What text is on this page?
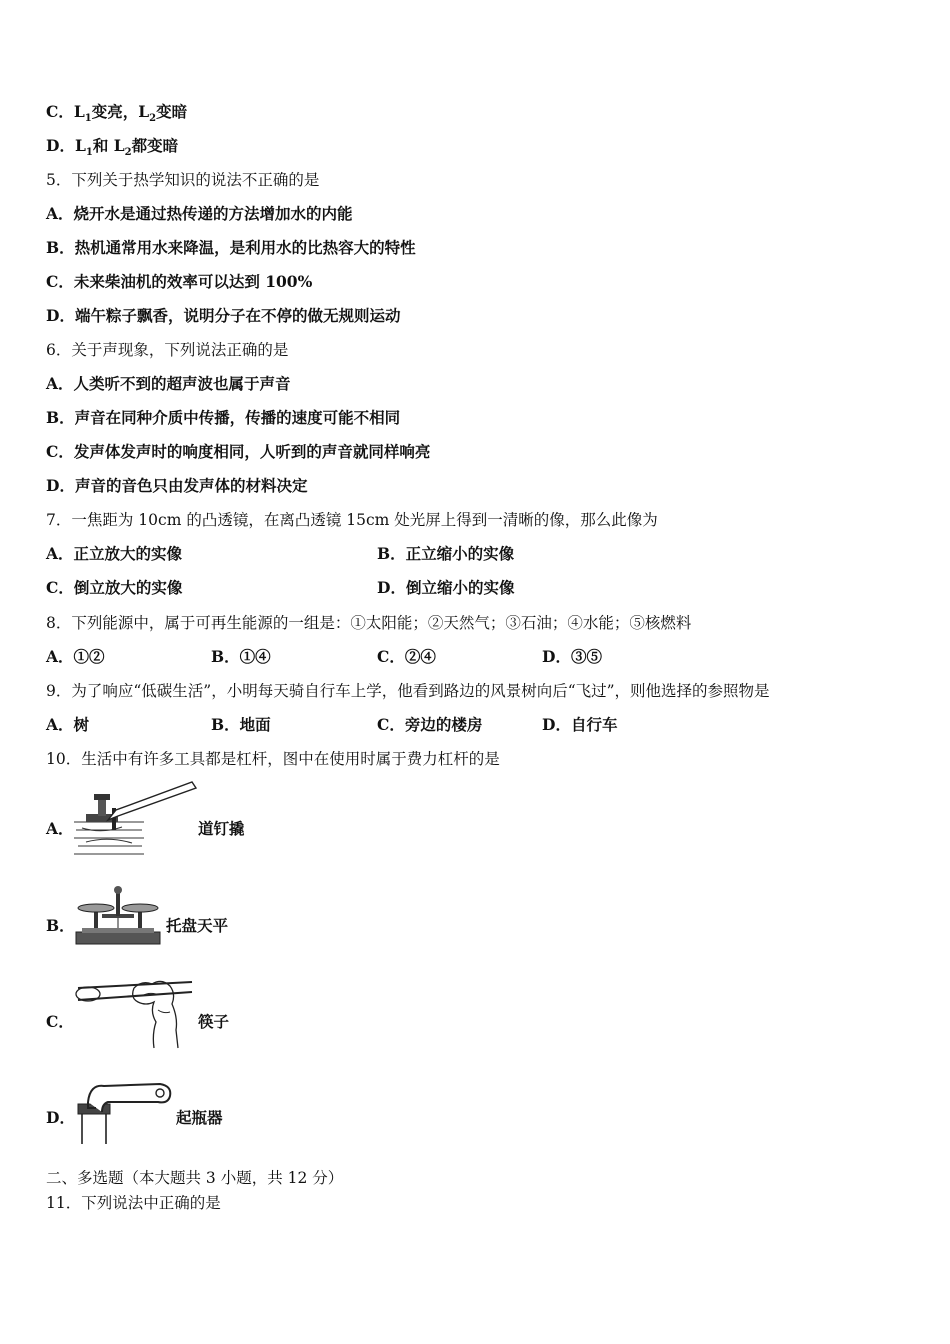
C．$L_1$变亮，$L_2$变暗
D．$L_1$和 $L_2$都变暗
5．下列关于热学知识的说法不正确的是
A．烧开水是通过热传递的方法增加水的内能
B．热机通常用水来降温，是利用水的比热容大的特性
C．未来柴油机的效率可以达到 100%
D．端午粽子飘香，说明分子在不停的做无规则运动
6．关于声现象，下列说法正确的是
A．人类听不到的超声波也属于声音
B．声音在同种介质中传播，传播的速度可能不相同
C．发声体发声时的响度相同，人听到的声音就同样响亮
D．声音的音色只由发声体的材料决定
7．一焦距为 10cm 的凸透镜，在离凸透镜 15cm 处光屏上得到一清晰的像，那么此像为
A．正立放大的实像	B．正立缩小的实像
C．倒立放大的实像	D．倒立缩小的实像
8．下列能源中，属于可再生能源的一组是：①太阳能；②天然气；③石油；④水能；⑤核燃料
A．①②	B．①④	C．②④	D．③⑤
9．为了响应“低碳生活”，小明每天骑自行车上学，他看到路边的风景树向后“飞过”，则他选择的参照物是
A．树	B．地面	C．旁边的楼房	D．自行车
10．生活中有许多工具都是杠杆，图中在使用时属于费力杠杆的是
A．	道钉撬
B．	托盘天平
C．	筷子
D．	起瓶器
二、多选题（本大题共 3 小题，共 12 分）
11．下列说法中正确的是
